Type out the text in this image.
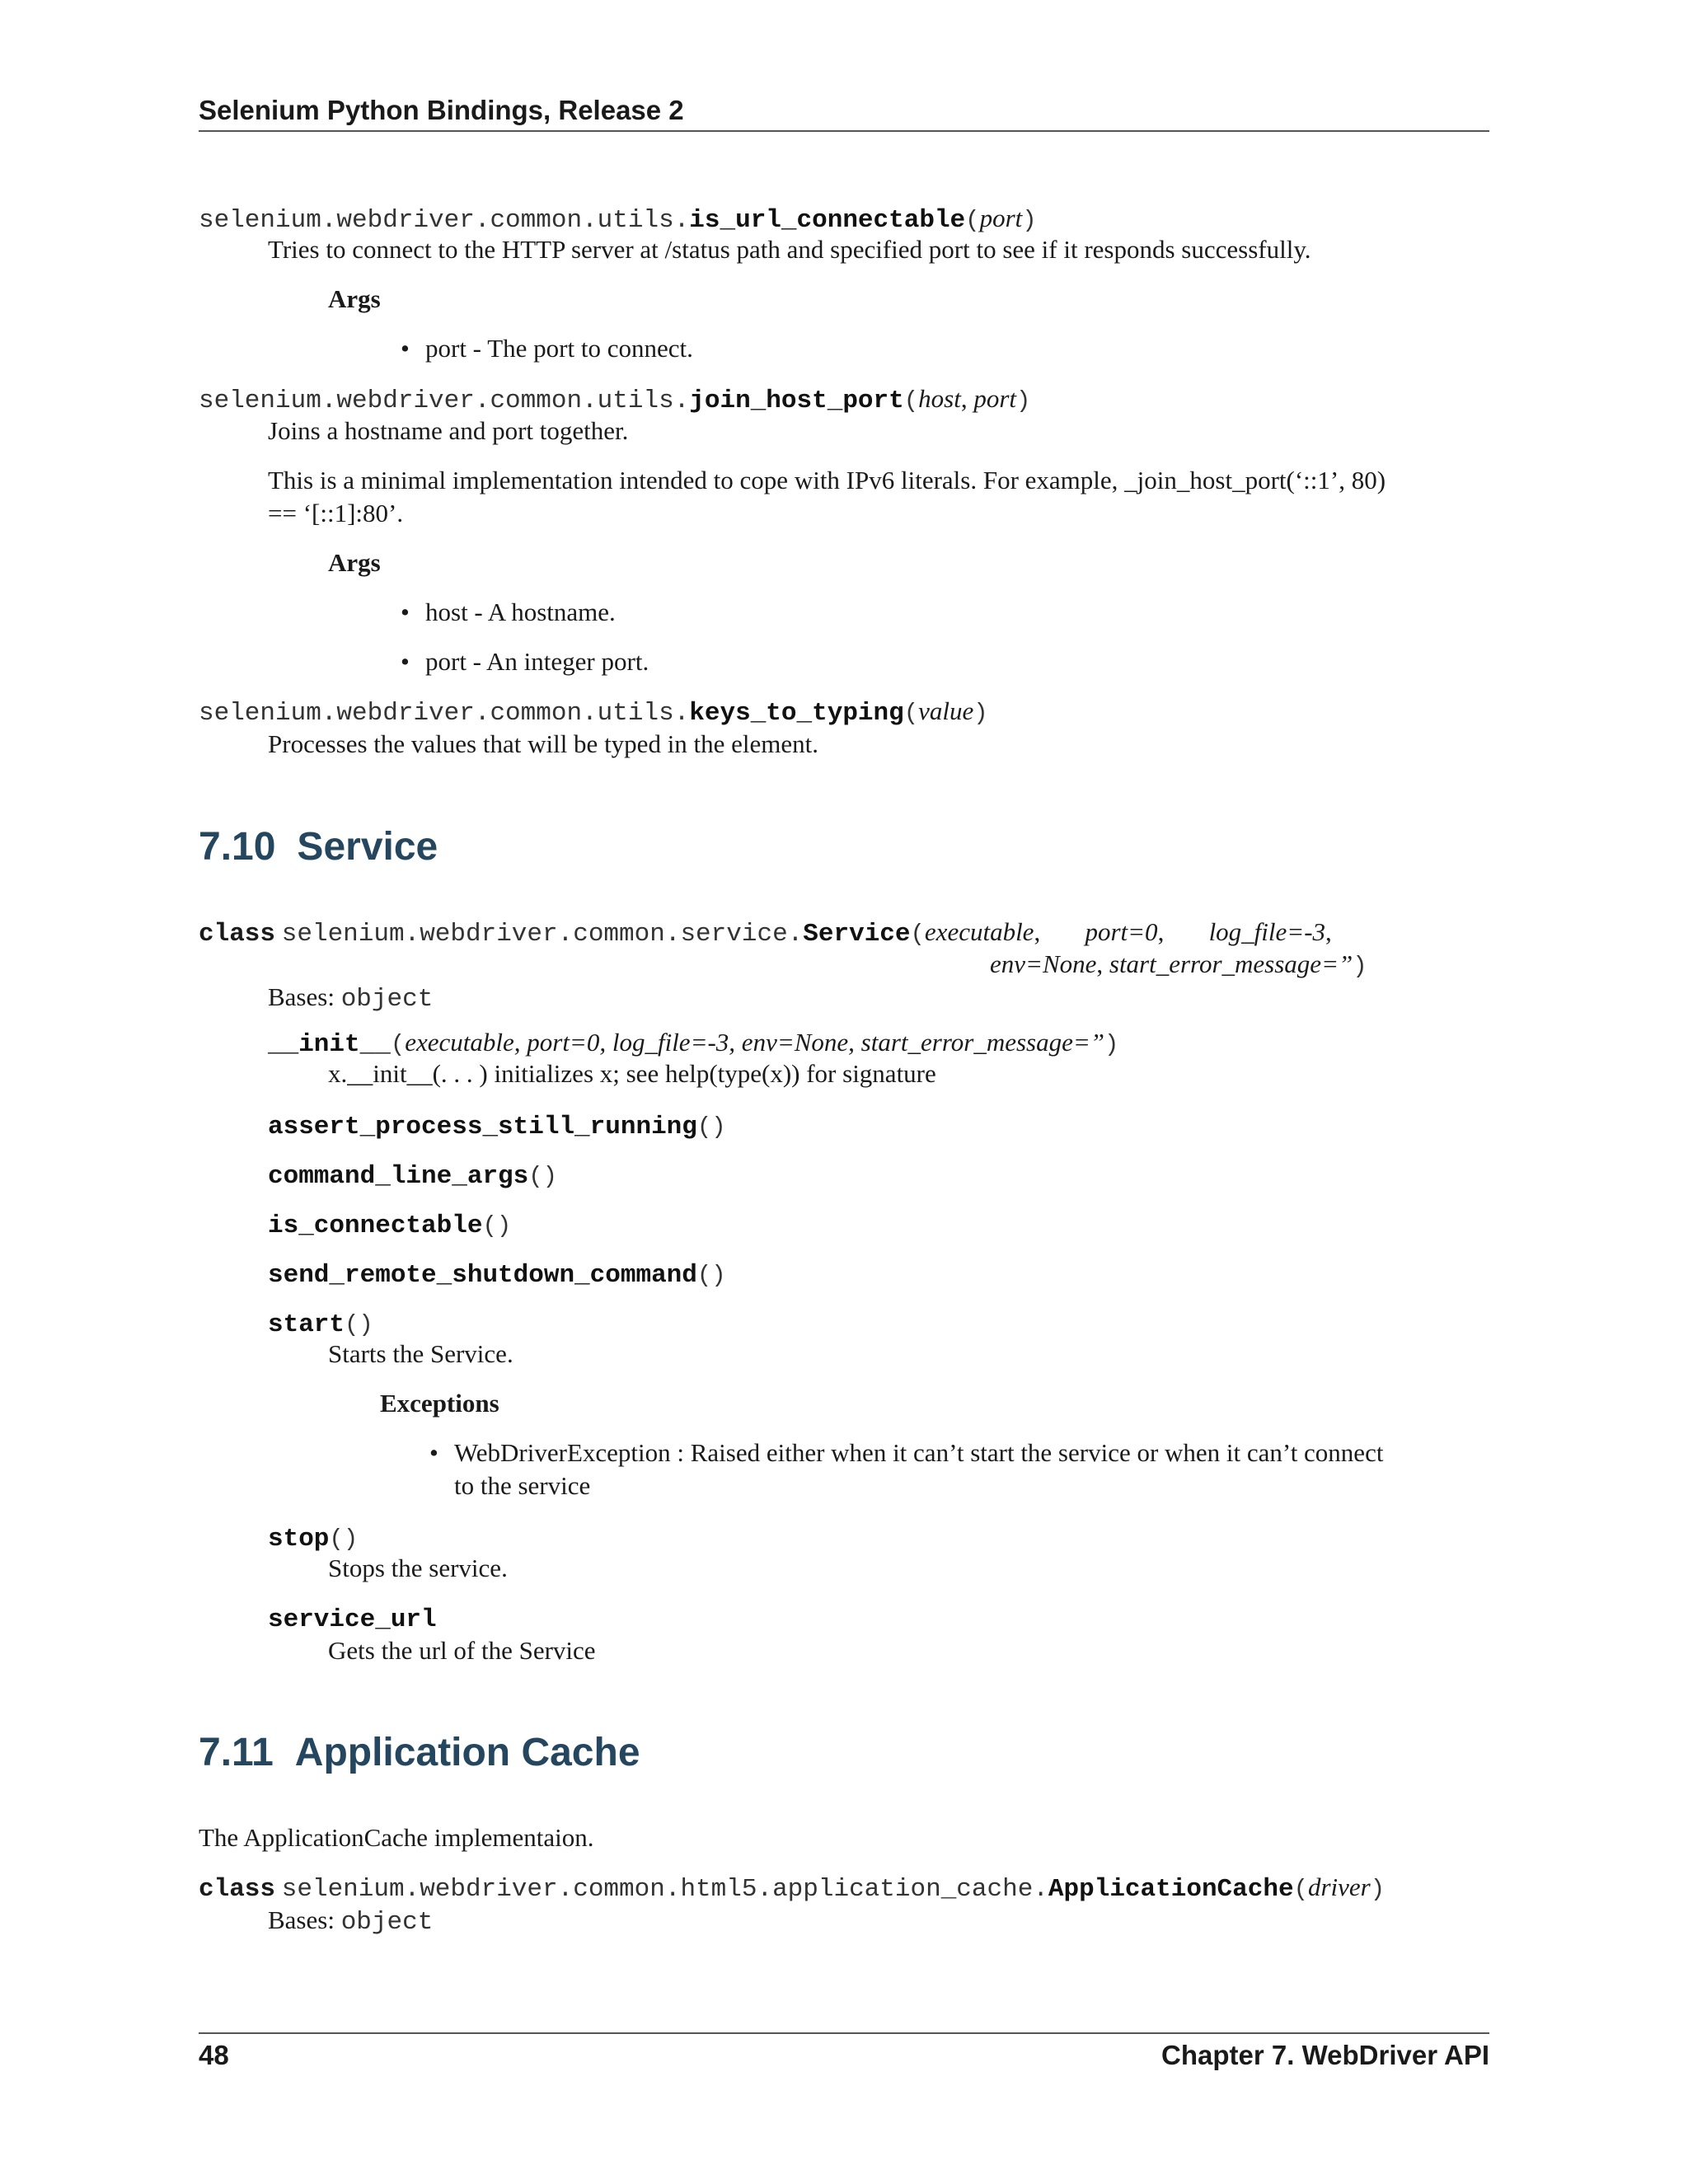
Selenium Python Bindings, Release 2
selenium.webdriver.common.utils.is_url_connectable(port)
Tries to connect to the HTTP server at /status path and specified port to see if it responds successfully.
Args
• port - The port to connect.
selenium.webdriver.common.utils.join_host_port(host, port)
Joins a hostname and port together.
This is a minimal implementation intended to cope with IPv6 literals. For example, _join_host_port(‘::1’, 80)
== ‘[::1]:80’.
Args
• host - A hostname.
• port - An integer port.
selenium.webdriver.common.utils.keys_to_typing(value)
Processes the values that will be typed in the element.
7.10 Service
class selenium.webdriver.common.service.Service(executable,       port=0,       log_file=-3,
env=None, start_error_message=”)
Bases: object
__init__(executable, port=0, log_file=-3, env=None, start_error_message=”)
x.__init__(. . . ) initializes x; see help(type(x)) for signature
assert_process_still_running()
command_line_args()
is_connectable()
send_remote_shutdown_command()
start()
Starts the Service.
Exceptions
• WebDriverException : Raised either when it can’t start the service or when it can’t connect
to the service
stop()
Stops the service.
service_url
Gets the url of the Service
7.11 Application Cache
The ApplicationCache implementaion.
class selenium.webdriver.common.html5.application_cache.ApplicationCache(driver)
Bases: object
48	Chapter 7. WebDriver API
